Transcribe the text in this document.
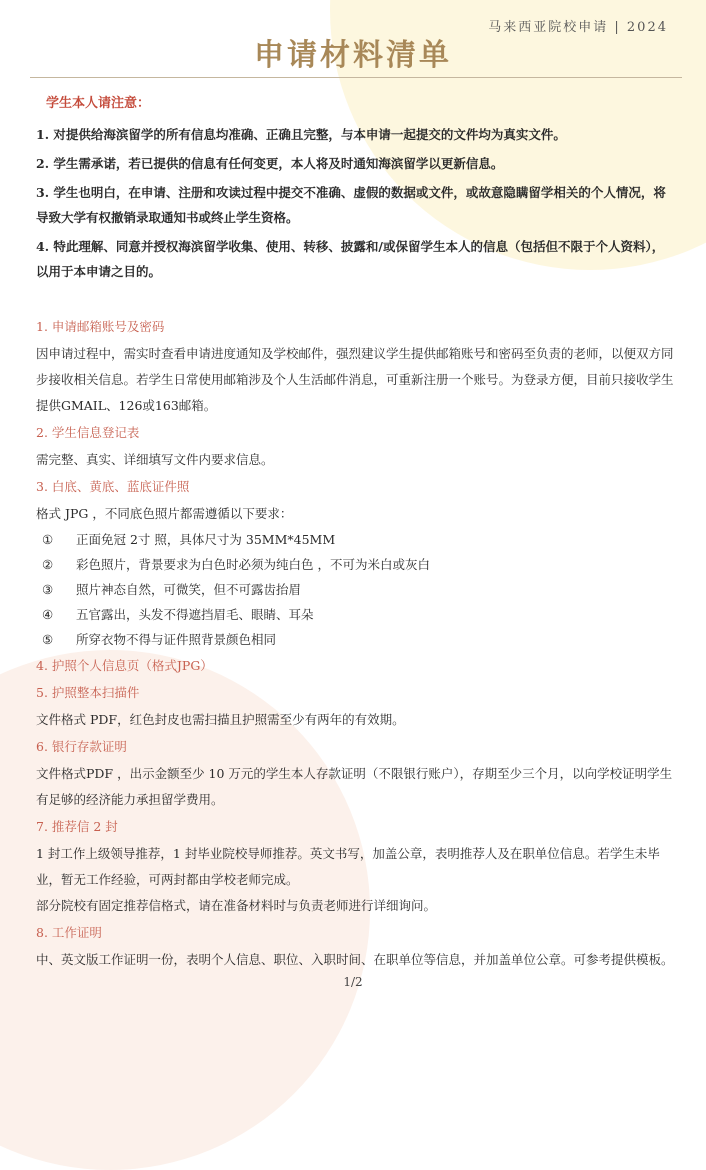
马来西亚院校申请 | 2024
申请材料清单
学生本人请注意：
1. 对提供给海滨留学的所有信息均准确、正确且完整，与本申请一起提交的文件均为真实文件。
2. 学生需承诺，若已提供的信息有任何变更，本人将及时通知海滨留学以更新信息。
3. 学生也明白，在申请、注册和攻读过程中提交不准确、虚假的数据或文件，或故意隐瞒留学相关的个人情况，将导致大学有权撤销录取通知书或终止学生资格。
4. 特此理解、同意并授权海滨留学收集、使用、转移、披露和/或保留学生本人的信息（包括但不限于个人资料），以用于本申请之目的。
1. 申请邮箱账号及密码
因申请过程中，需实时查看申请进度通知及学校邮件，强烈建议学生提供邮箱账号和密码至负责的老师，以便双方同步接收相关信息。若学生日常使用邮箱涉及个人生活邮件消息，可重新注册一个账号。为登录方便，目前只接收学生提供GMAIL、126或163邮箱。
2. 学生信息登记表
需完整、真实、详细填写文件内要求信息。
3. 白底、黄底、蓝底证件照
格式 JPG ，不同底色照片都需遵循以下要求：
①	正面免冠 2寸 照，具体尺寸为 35MM*45MM
②	彩色照片，背景要求为白色时必须为纯白色 ，不可为米白或灰白
③	照片神态自然，可微笑，但不可露齿抬眉
④	五官露出，头发不得遮挡眉毛、眼睛、耳朵
⑤	所穿衣物不得与证件照背景颜色相同
4. 护照个人信息页（格式JPG）
5. 护照整本扫描件
文件格式 PDF，红色封皮也需扫描且护照需至少有两年的有效期。
6. 银行存款证明
文件格式PDF ，出示金额至少 10 万元的学生本人存款证明（不限银行账户），存期至少三个月，以向学校证明学生有足够的经济能力承担留学费用。
7. 推荐信 2 封
1 封工作上级领导推荐，1 封毕业院校导师推荐。英文书写，加盖公章，表明推荐人及在职单位信息。若学生未毕业，暂无工作经验，可两封都由学校老师完成。
部分院校有固定推荐信格式，请在准备材料时与负责老师进行详细询问。
8. 工作证明
中、英文版工作证明一份，表明个人信息、职位、入职时间、在职单位等信息，并加盖单位公章。可参考提供模板。
1/2
